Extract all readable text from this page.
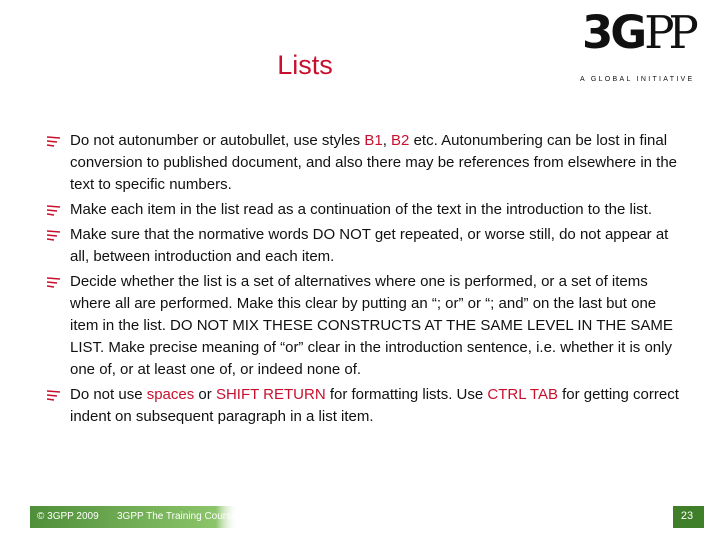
Lists
3GPP
A GLOBAL INITIATIVE
Do not autonumber or autobullet, use styles B1, B2 etc. Autonumbering can be lost in final conversion to published document, and also there may be references from elsewhere in the text to specific numbers.
Make each item in the list read as a continuation of the text in the introduction to the list.
Make sure that the normative words DO NOT get repeated, or worse still, do not appear at all, between introduction and each item.
Decide whether the list is a set of alternatives where one is performed, or a set of items where all are performed. Make this clear by putting an “; or” or “; and” on the last but one item in the list. DO NOT MIX THESE CONSTRUCTS AT THE SAME LEVEL IN THE SAME LIST. Make precise meaning of “or” clear in the introduction sentence, i.e. whether it is only one of, or at least one of, or indeed none of.
Do not use spaces or SHIFT RETURN for formatting lists. Use CTRL TAB for getting correct indent on subsequent paragraph in a list item.
© 3GPP 2009 3GPP The Training Course / Module 11	23
